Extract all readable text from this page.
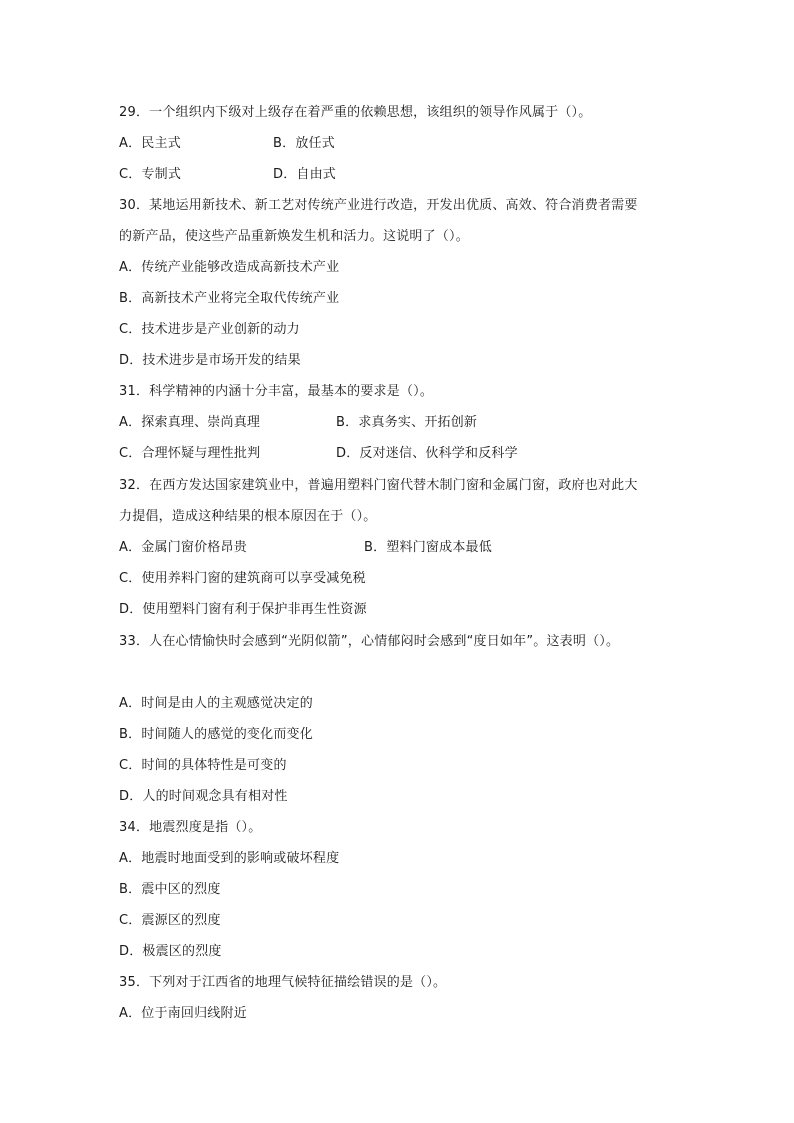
29．一个组织内下级对上级存在着严重的依赖思想，该组织的领导作风属于（）。
A．民主式	B．放任式
C．专制式	D．自由式
30．某地运用新技术、新工艺对传统产业进行改造，开发出优质、高效、符合消费者需要
的新产品，使这些产品重新焕发生机和活力。这说明了（）。
A．传统产业能够改造成高新技术产业
B．高新技术产业将完全取代传统产业
C．技术进步是产业创新的动力
D．技术进步是市场开发的结果
31．科学精神的内涵十分丰富，最基本的要求是（）。
A．探索真理、崇尚真理	B．求真务实、开拓创新
C．合理怀疑与理性批判	D．反对迷信、伙科学和反科学
32．在西方发达国家建筑业中，普遍用塑料门窗代替木制门窗和金属门窗，政府也对此大
力提倡，造成这种结果的根本原因在于（）。
A．金属门窗价格昂贵	B．塑料门窗成本最低
C．使用养料门窗的建筑商可以享受减免税
D．使用塑料门窗有利于保护非再生性资源
33．人在心情愉快时会感到“光阴似箭”，心情郁闷时会感到“度日如年”。这表明（）。
A．时间是由人的主观感觉决定的
B．时间随人的感觉的变化而变化
C．时间的具体特性是可变的
D．人的时间观念具有相对性
34．地震烈度是指（）。
A．地震时地面受到的影响或破坏程度
B．震中区的烈度
C．震源区的烈度
D．极震区的烈度
35．下列对于江西省的地理气候特征描绘错误的是（）。
A．位于南回归线附近
